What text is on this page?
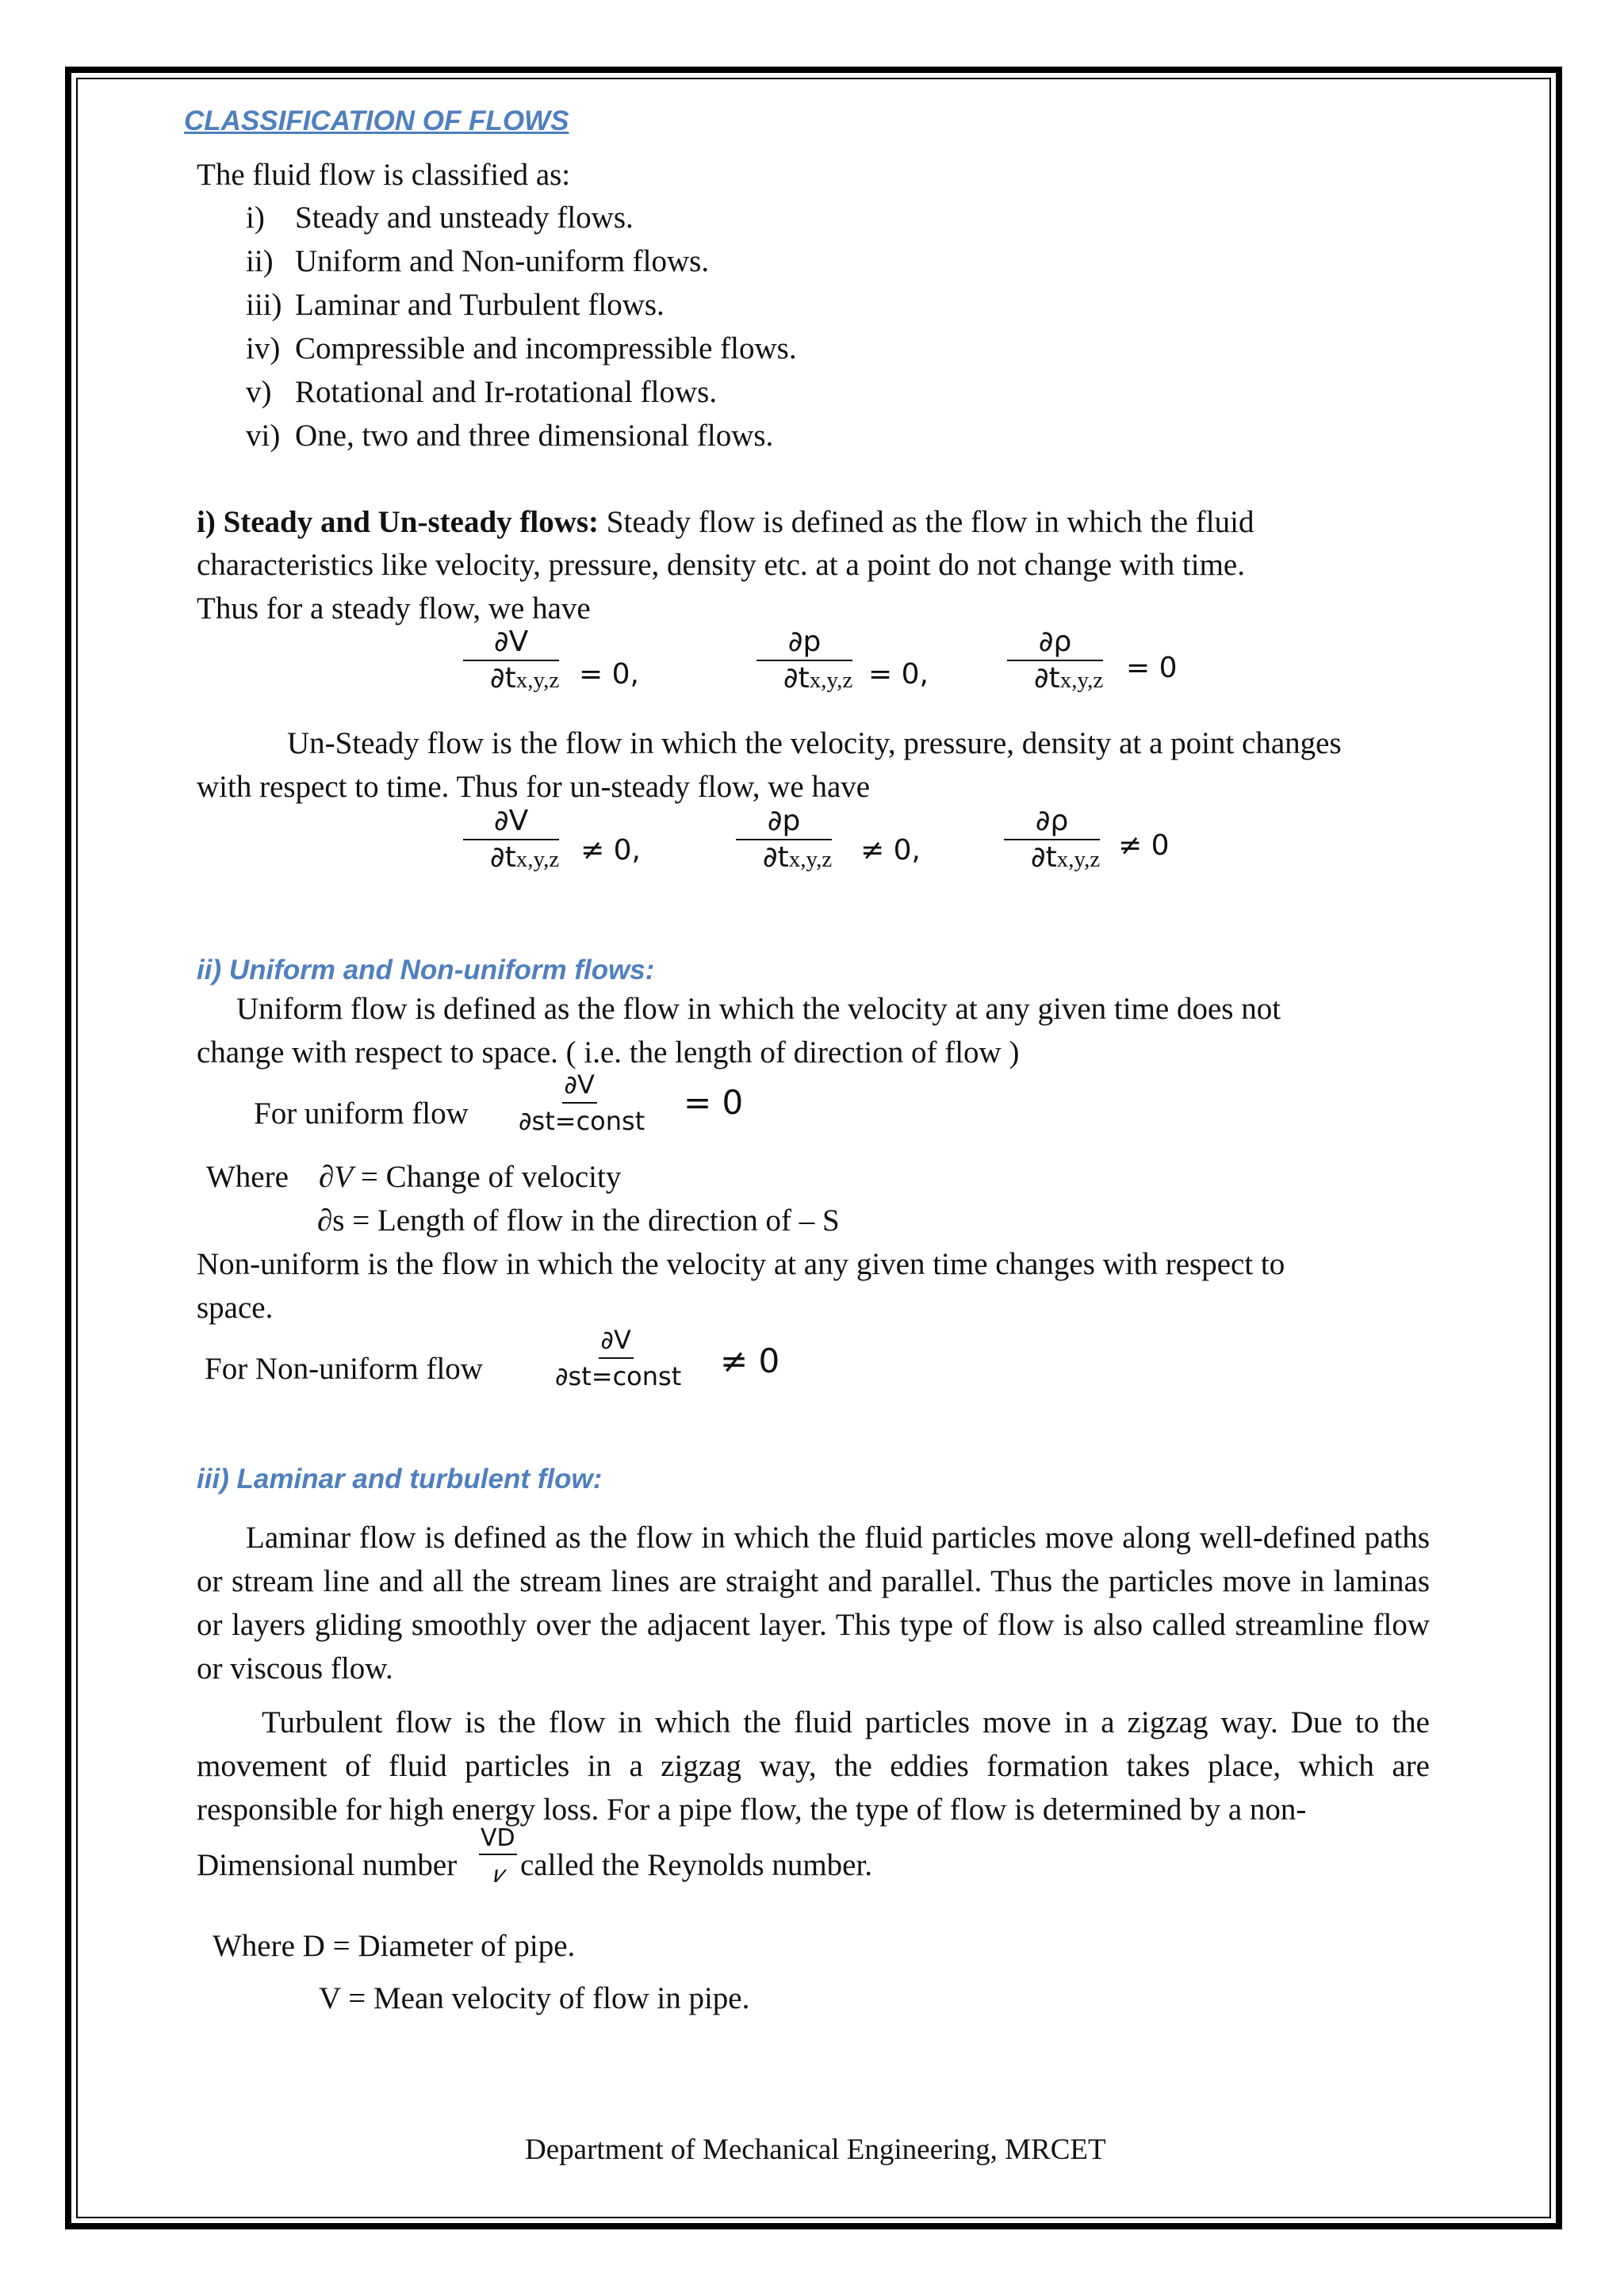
CLASSIFICATION OF FLOWS
The fluid flow is classified as:
i) Steady and unsteady flows.
ii) Uniform and Non-uniform flows.
iii) Laminar and Turbulent flows.
iv) Compressible and incompressible flows.
v) Rotational and Ir-rotational flows.
vi) One, two and three dimensional flows.
i) Steady and Un-steady flows: Steady flow is defined as the flow in which the fluid
characteristics like velocity, pressure, density etc. at a point do not change with time.
Thus for a steady flow, we have
∂V
∂tx,y,z = 0,
∂p
∂tx,y,z = 0,
∂ρ
∂tx,y,z = 0
Un-Steady flow is the flow in which the velocity, pressure, density at a point changes
with respect to time. Thus for un-steady flow, we have
∂V
∂tx,y,z ≠ 0,
∂p
∂tx,y,z ≠ 0,
∂ρ
∂tx,y,z ≠ 0
ii) Uniform and Non-uniform flows:
Uniform flow is defined as the flow in which the velocity at any given time does not
change with respect to space. ( i.e. the length of direction of flow )
For uniform flow
∂V
∂st=const = 0
Where ∂V = Change of velocity
∂s = Length of flow in the direction of – S
Non-uniform is the flow in which the velocity at any given time changes with respect to
space.
For Non-uniform flow
∂V
∂st=const ≠ 0
iii) Laminar and turbulent flow:
Laminar flow is defined as the flow in which the fluid particles move along well-defined paths or stream line and all the stream lines are straight and parallel. Thus the particles move in laminas or layers gliding smoothly over the adjacent layer. This type of flow is also called streamline flow or viscous flow.
Turbulent flow is the flow in which the fluid particles move in a zigzag way. Due to the movement of fluid particles in a zigzag way, the eddies formation takes place, which are responsible for high energy loss. For a pipe flow, the type of flow is determined by a non-
Dimensional number
VD
𝑣 called the Reynolds number.
Where D = Diameter of pipe.
V = Mean velocity of flow in pipe.
Department of Mechanical Engineering, MRCET
